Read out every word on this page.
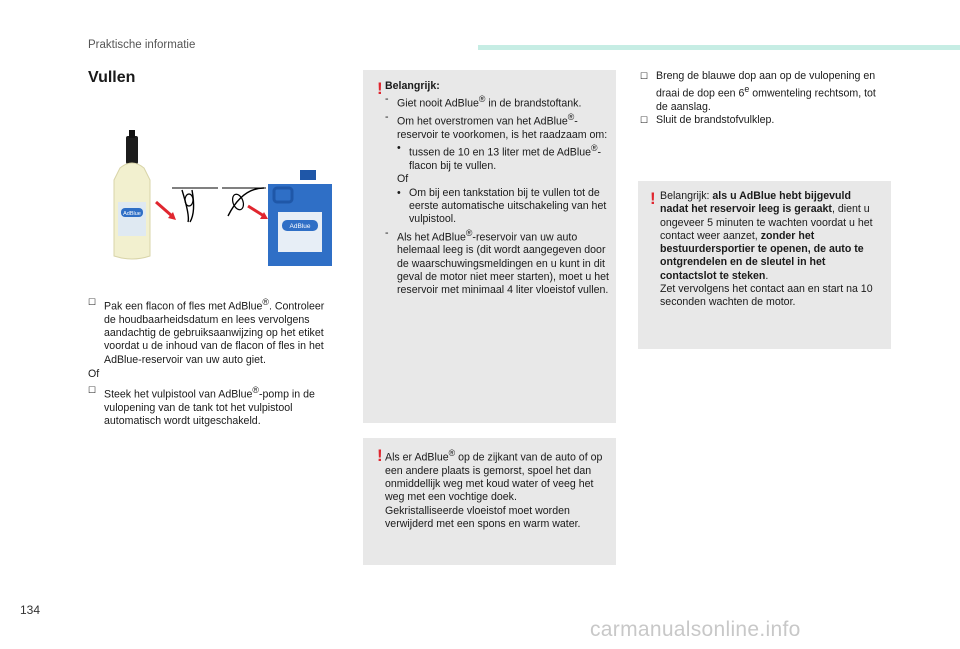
Praktische informatie
Vullen
AdBlue
AdBlue
☐ Pak een flacon of fles met AdBlue®. Controleer de houdbaarheidsdatum en lees vervolgens aandachtig de gebruiksaanwijzing op het etiket voordat u de inhoud van de flacon of fles in het AdBlue-reservoir van uw auto giet.
Of
☐ Steek het vulpistool van AdBlue®-pomp in de vulopening van de tank tot het vulpistool automatisch wordt uitgeschakeld.
! Belangrijk:
- Giet nooit AdBlue® in de brandstoftank.
- Om het overstromen van het AdBlue®-reservoir te voorkomen, is het raadzaam om:
• tussen de 10 en 13 liter met de AdBlue®-flacon bij te vullen.
Of
• Om bij een tankstation bij te vullen tot de eerste automatische uitschakeling van het vulpistool.
- Als het AdBlue®-reservoir van uw auto helemaal leeg is (dit wordt aangegeven door de waarschuwingsmeldingen en u kunt in dit geval de motor niet meer starten), moet u het reservoir met minimaal 4 liter vloeistof vullen.
! Als er AdBlue® op de zijkant van de auto of op een andere plaats is gemorst, spoel het dan onmiddellijk weg met koud water of veeg het weg met een vochtige doek.
Gekristalliseerde vloeistof moet worden verwijderd met een spons en warm water.
☐ Breng de blauwe dop aan op de vulopening en draai de dop een 6e omwenteling rechtsom, tot de aanslag.
☐ Sluit de brandstofvulklep.
! Belangrijk: als u AdBlue hebt bijgevuld nadat het reservoir leeg is geraakt, dient u ongeveer 5 minuten te wachten voordat u het contact weer aanzet, zonder het bestuurdersportier te openen, de auto te ontgrendelen en de sleutel in het contactslot te steken.
Zet vervolgens het contact aan en start na 10 seconden wachten de motor.
134
carmanualsonline.info
